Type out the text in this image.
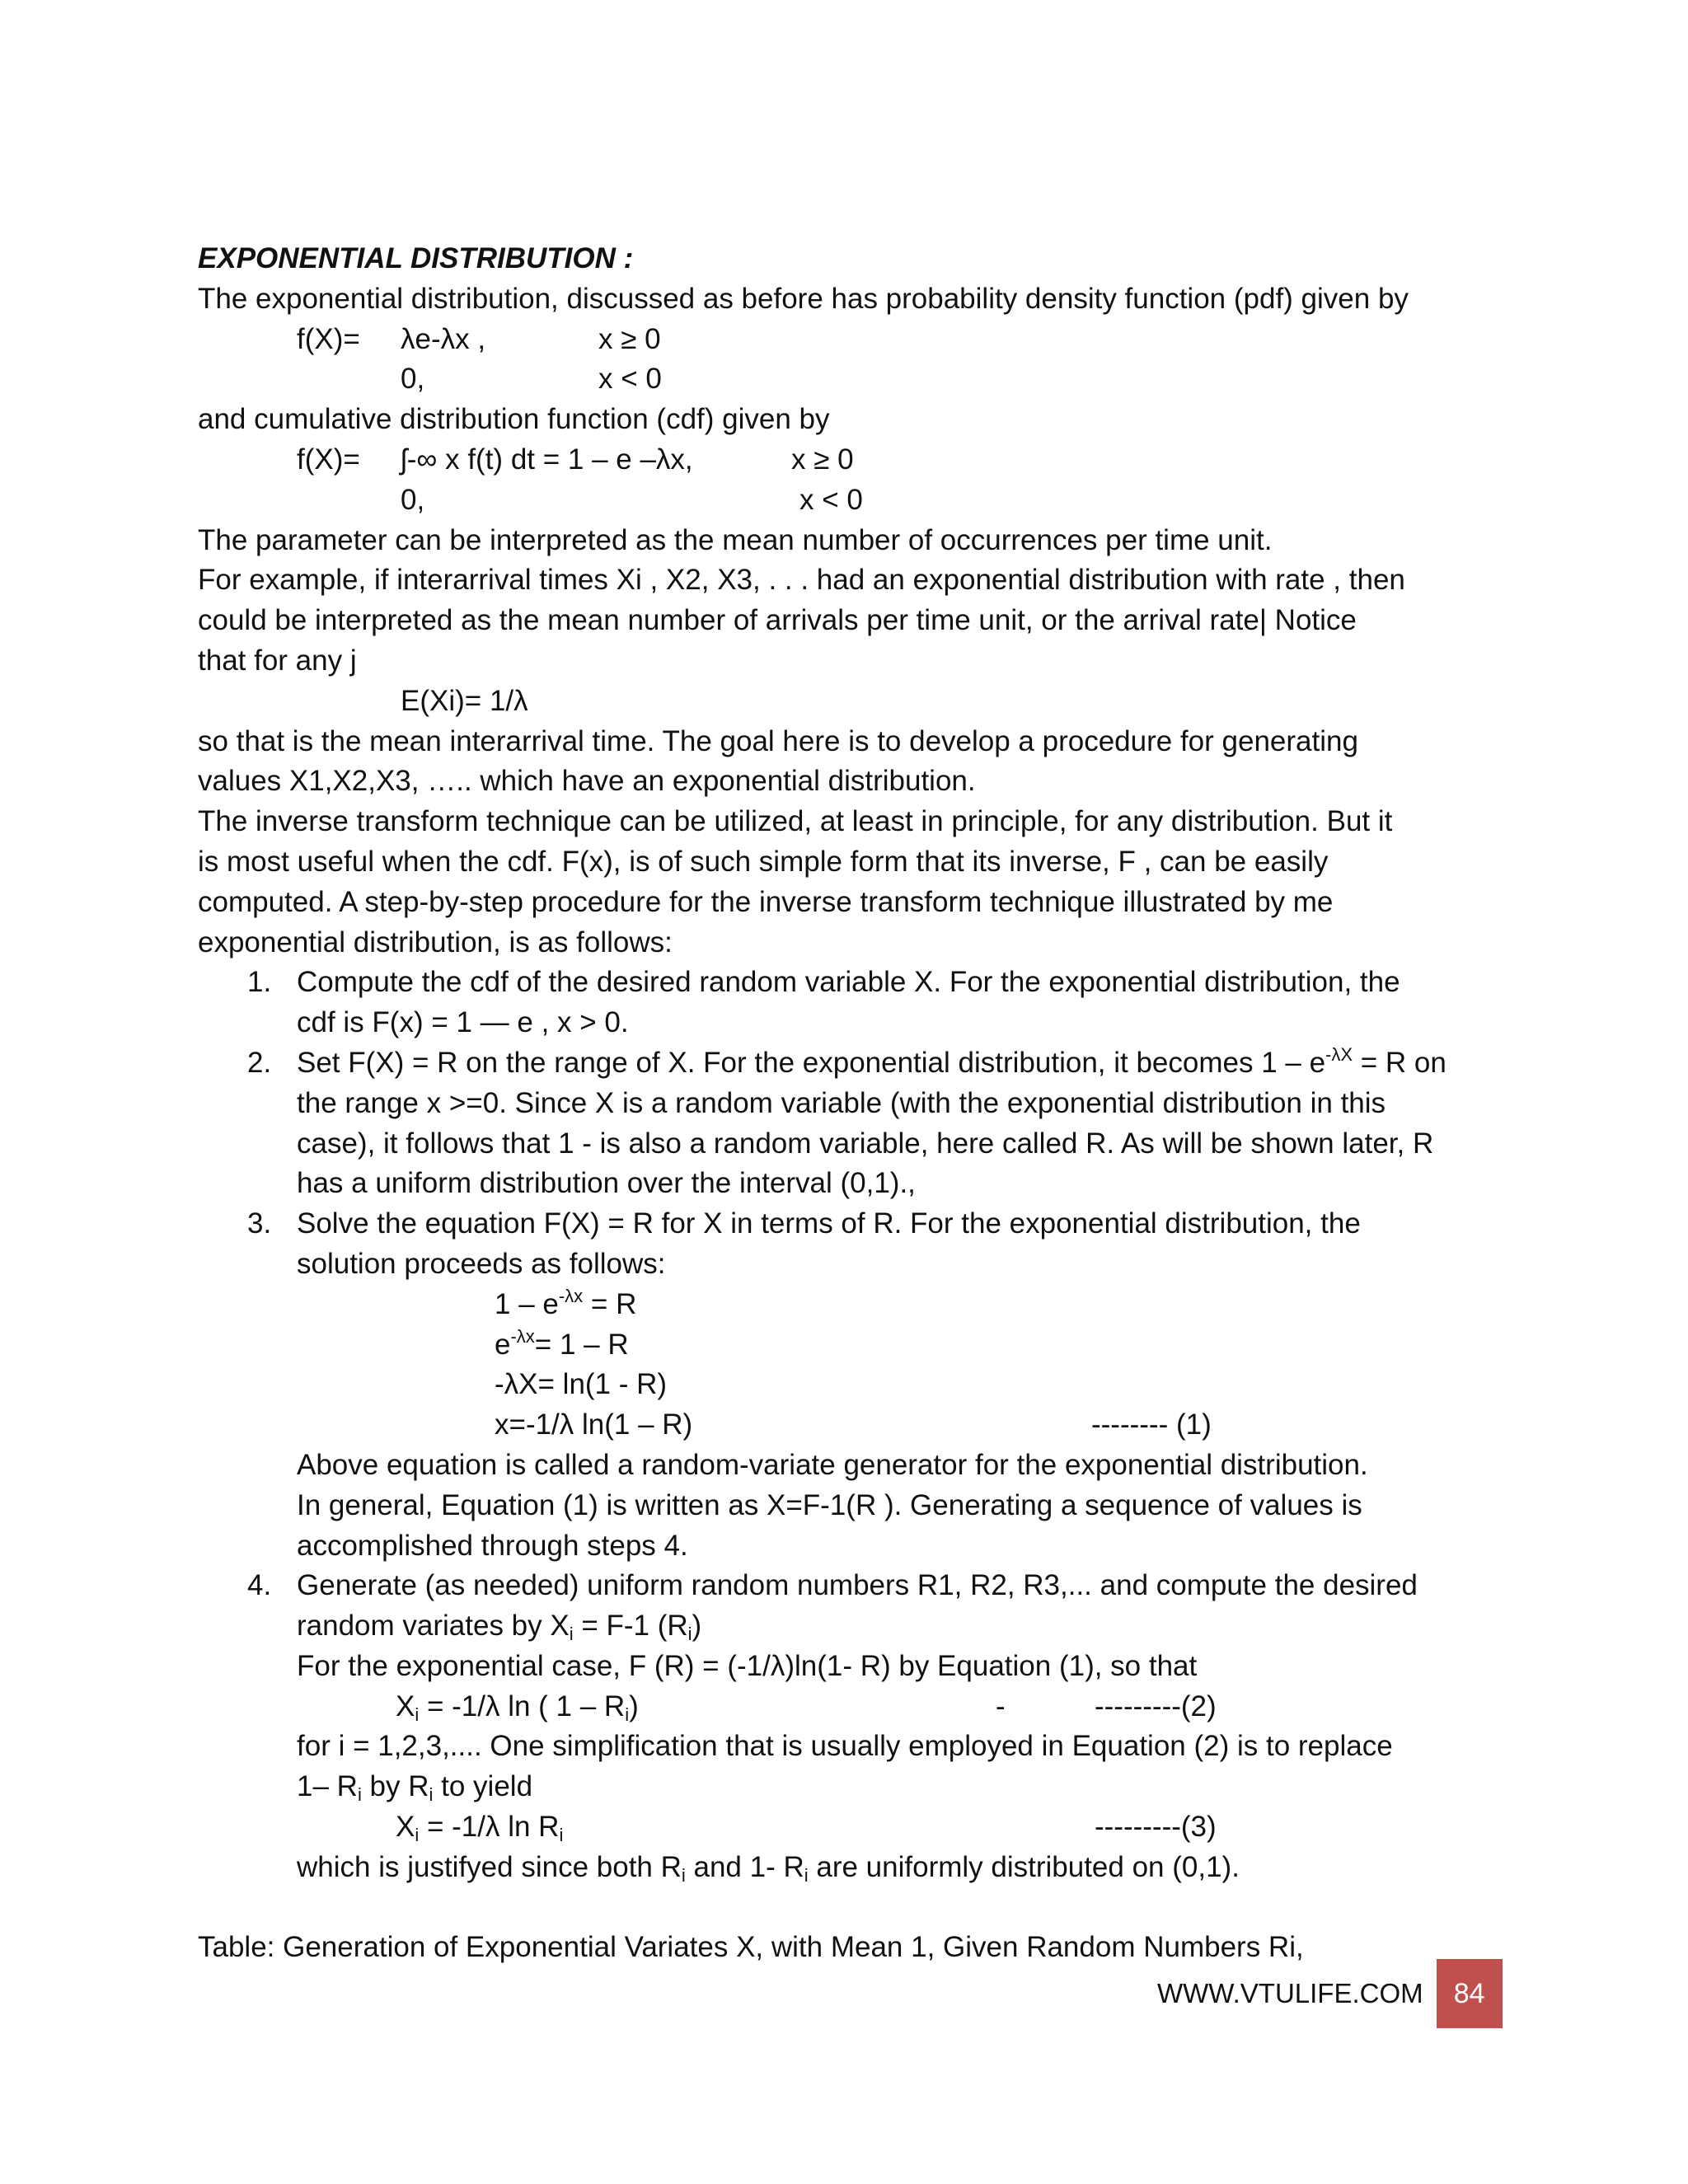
EXPONENTIAL DISTRIBUTION :
The exponential distribution, discussed as before has probability density function (pdf) given by
f(X)= λe-λx ,	x ≥ 0
0,	x < 0
and cumulative distribution function (cdf) given by
f(X)= ʃ-∞ x f(t) dt = 1 – e –λx,	x ≥ 0
0,	x < 0
The parameter can be interpreted as the mean number of occurrences per time unit.
For example, if interarrival times Xi , X2, X3, . . . had an exponential distribution with rate , then
could be interpreted as the mean number of arrivals per time unit, or the arrival rate| Notice
that for any j
E(Xi)= 1/λ
so that is the mean interarrival time. The goal here is to develop a procedure for generating
values X1,X2,X3, ….. which have an exponential distribution.
The inverse transform technique can be utilized, at least in principle, for any distribution. But it
is most useful when the cdf. F(x), is of such simple form that its inverse, F , can be easily
computed. A step-by-step procedure for the inverse transform technique illustrated by me
exponential distribution, is as follows:
1. Compute the cdf of the desired random variable X. For the exponential distribution, the
cdf is F(x) = 1 — e , x > 0.
2. Set F(X) = R on the range of X. For the exponential distribution, it becomes $1 - e^{-\lambda X} = R$ on
the range x >=0. Since X is a random variable (with the exponential distribution in this
case), it follows that 1 - is also a random variable, here called R. As will be shown later, R
has a uniform distribution over the interval (0,1).,
3. Solve the equation F(X) = R for X in terms of R. For the exponential distribution, the
solution proceeds as follows:
$1 - e^{-\lambda x} = R$
$e^{-\lambda x}= 1 - R$
-λX= ln(1 - R)
x=-1/λ ln(1 – R)	-------- (1)
Above equation is called a random-variate generator for the exponential distribution.
In general, Equation (1) is written as X=F-1(R ). Generating a sequence of values is
accomplished through steps 4.
4. Generate (as needed) uniform random numbers R1, R2, R3,... and compute the desired
random variates by $X_i = F-1$ $(R_i)$
For the exponential case, F (R) = (-1/λ)ln(1- R) by Equation (1), so that
$X_i = -1/\lambda$ ln ( $1 - R_i$)	-	---------(2)
for i = 1,2,3,.... One simplification that is usually employed in Equation (2) is to replace
1– $R_i$ by $R_i$ to yield
$X_i = -1/\lambda$ $\ln R_i$	---------(3)
which is justifyed since both $R_i$ and 1- $R_i$ are uniformly distributed on (0,1).
Table: Generation of Exponential Variates X, with Mean 1, Given Random Numbers Ri,
WWW.VTULIFE.COM	84
